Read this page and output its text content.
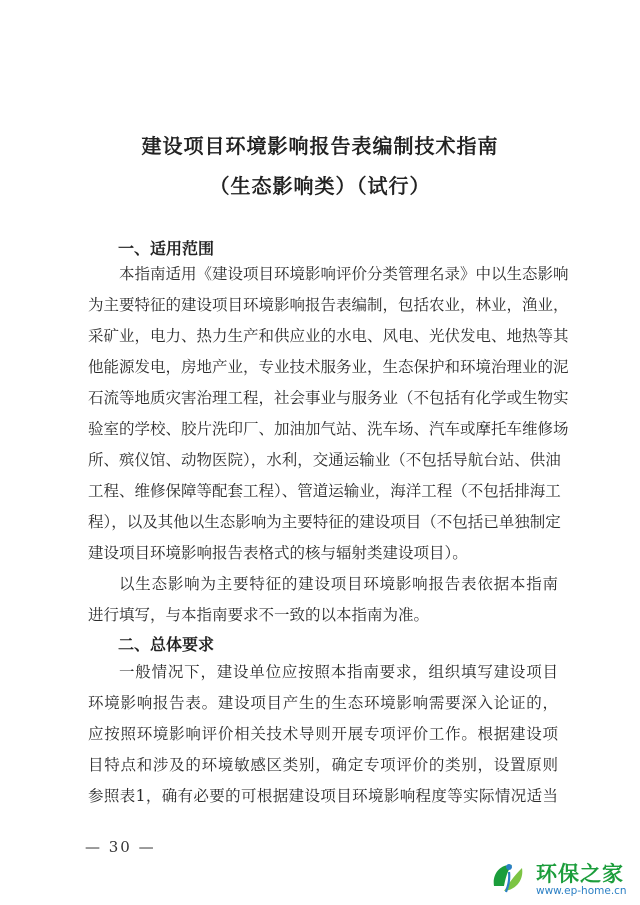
建设项目环境影响报告表编制技术指南
（生态影响类）（试行）
一、适用范围
本指南适用《建设项目环境影响评价分类管理名录》中以生态影响
为主要特征的建设项目环境影响报告表编制，包括农业，林业，渔业，
采矿业，电力、热力生产和供应业的水电、风电、光伏发电、地热等其
他能源发电，房地产业，专业技术服务业，生态保护和环境治理业的泥
石流等地质灾害治理工程，社会事业与服务业（不包括有化学或生物实
验室的学校、胶片洗印厂、加油加气站、洗车场、汽车或摩托车维修场
所、殡仪馆、动物医院），水利，交通运输业（不包括导航台站、供油
工程、维修保障等配套工程）、管道运输业，海洋工程（不包括排海工
程），以及其他以生态影响为主要特征的建设项目（不包括已单独制定
建设项目环境影响报告表格式的核与辐射类建设项目）。
以生态影响为主要特征的建设项目环境影响报告表依据本指南
进行填写，与本指南要求不一致的以本指南为准。
二、总体要求
一般情况下，建设单位应按照本指南要求，组织填写建设项目
环境影响报告表。建设项目产生的生态环境影响需要深入论证的，
应按照环境影响评价相关技术导则开展专项评价工作。根据建设项
目特点和涉及的环境敏感区类别，确定专项评价的类别，设置原则
参照表1，确有必要的可根据建设项目环境影响程度等实际情况适当
— 30 —
环保之家
www.ep-home.cn
